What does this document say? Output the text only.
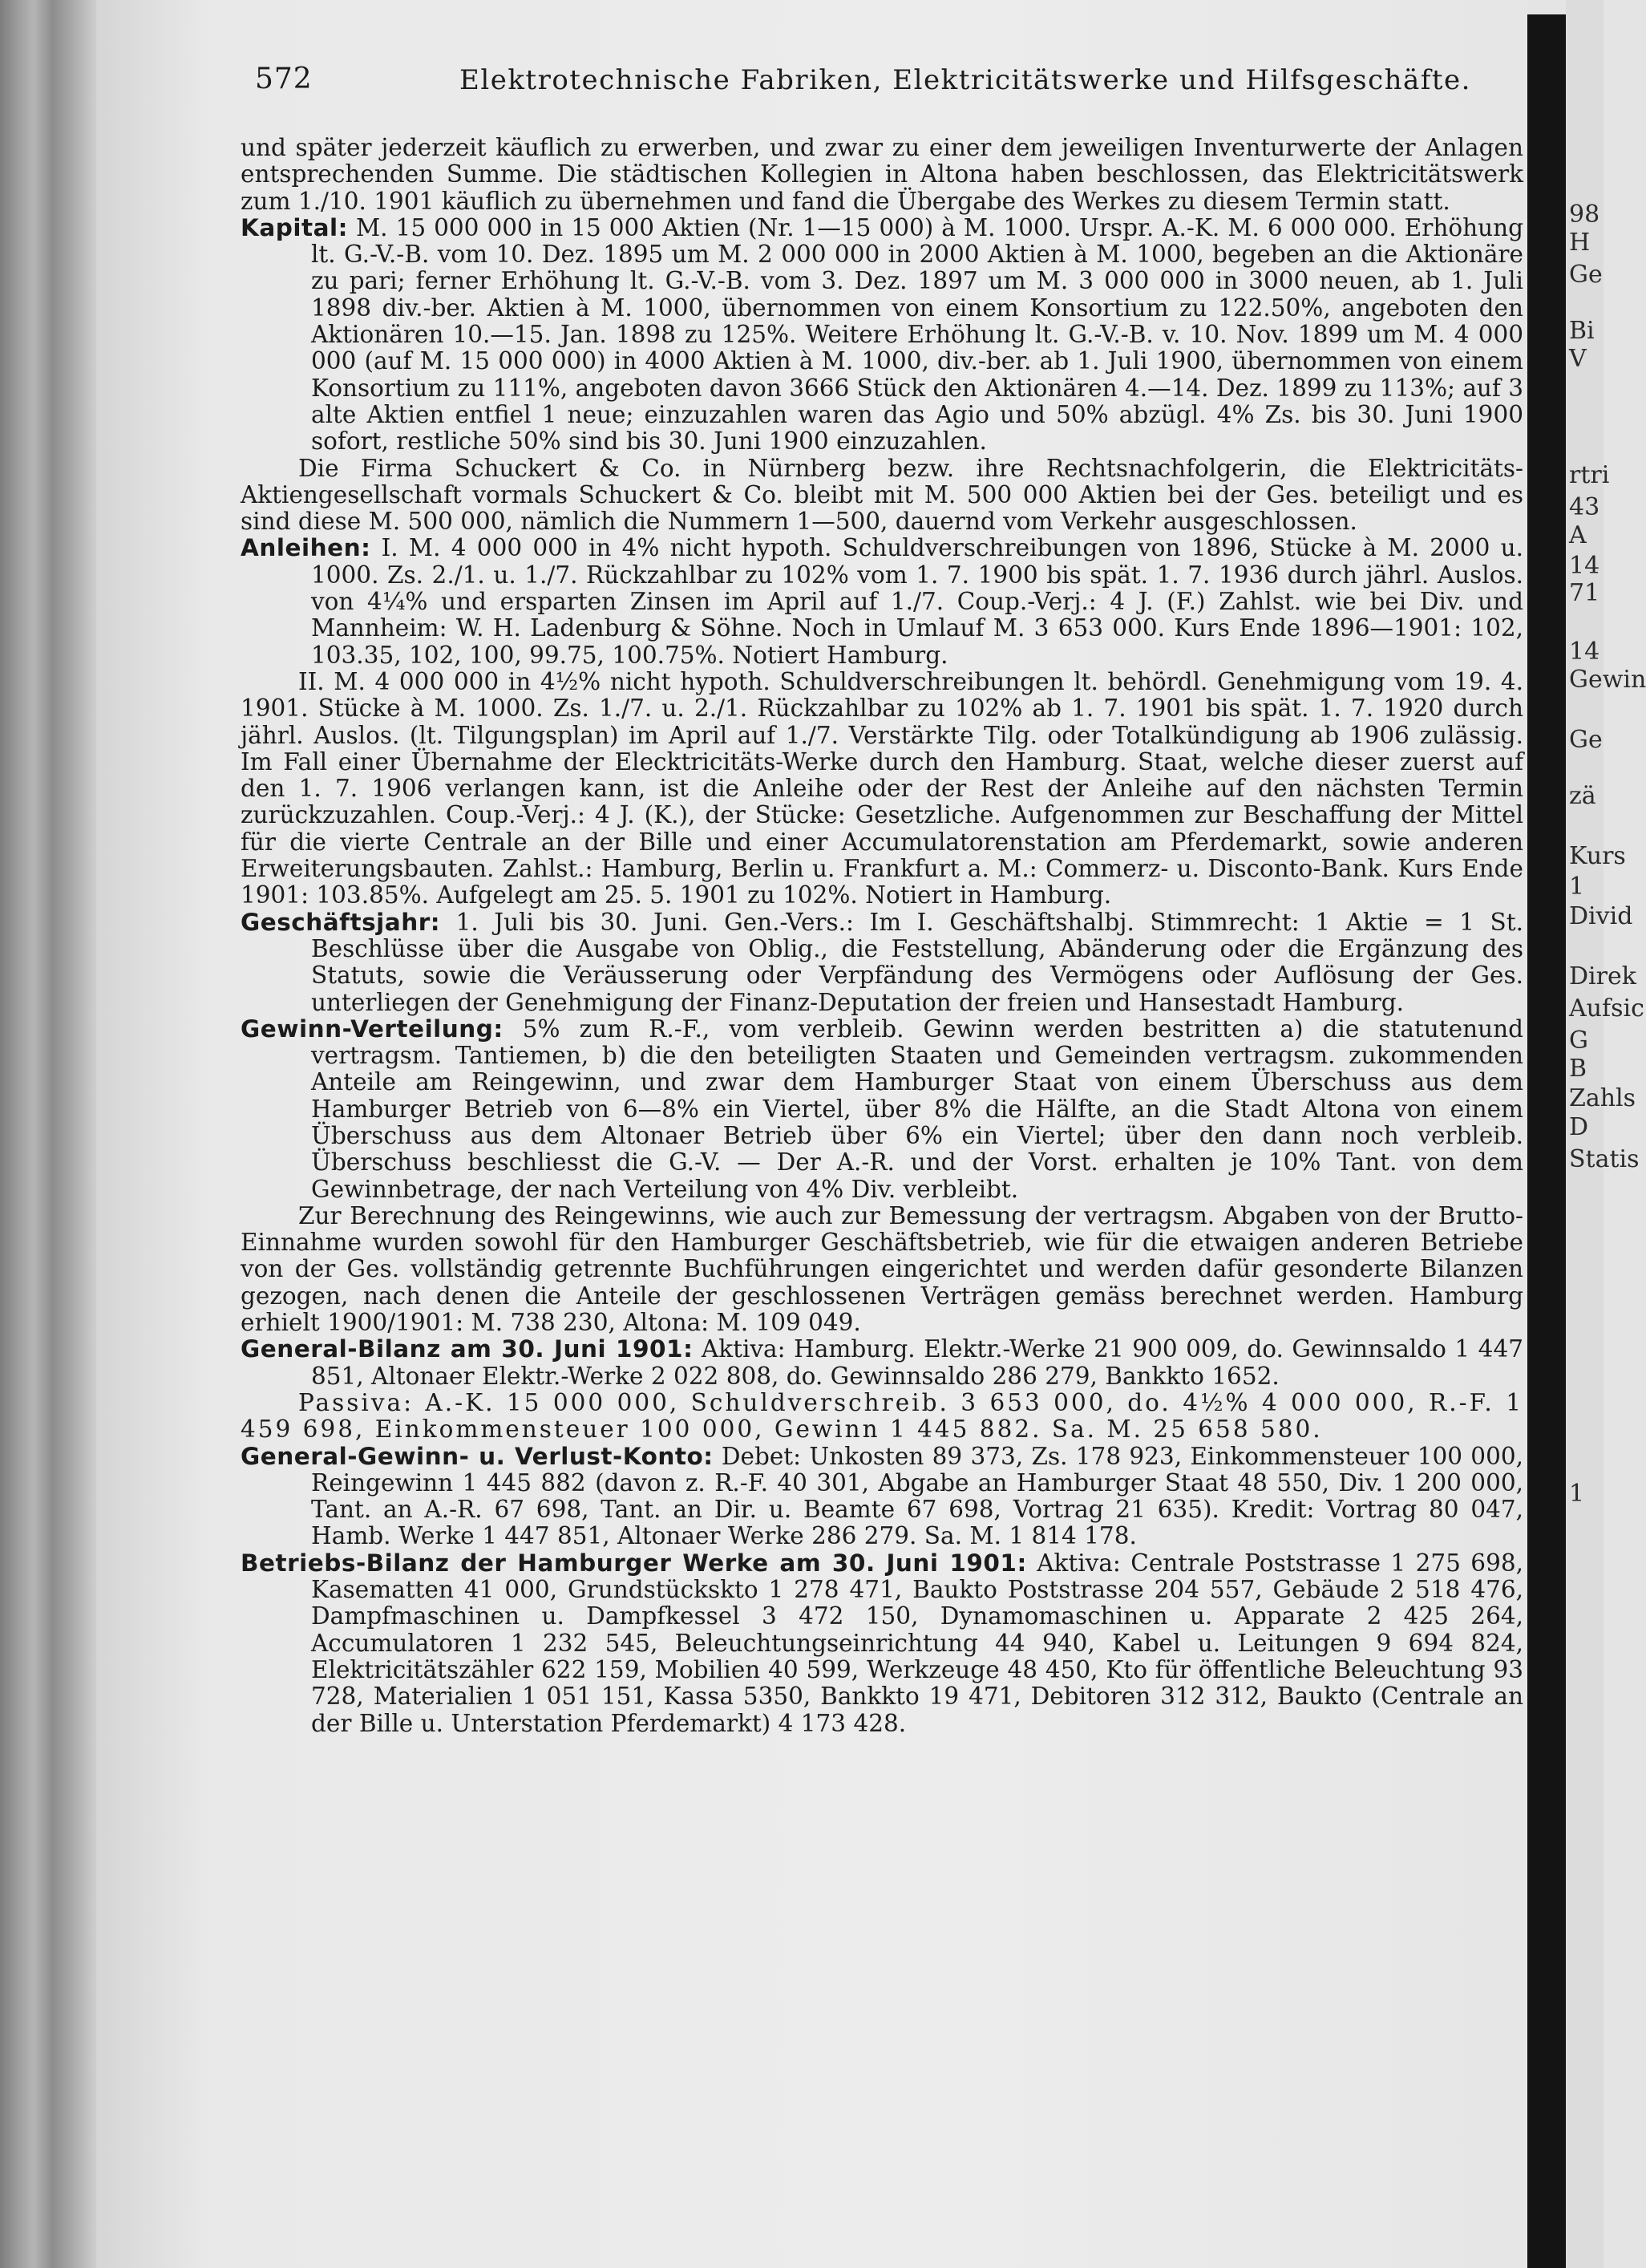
572	Elektrotechnische Fabriken, Elektricitätswerke und Hilfsgeschäfte.

und später jederzeit käuflich zu erwerben, und zwar zu einer dem jeweiligen Inventurwerte der Anlagen entsprechenden Summe. Die städtischen Kollegien in Altona haben beschlossen, das Elektricitätswerk zum 1./10. 1901 käuflich zu übernehmen und fand die Übergabe des Werkes zu diesem Termin statt.

Kapital: M. 15 000 000 in 15 000 Aktien (Nr. 1—15 000) à M. 1000. Urspr. A.-K. M. 6 000 000. Erhöhung lt. G.-V.-B. vom 10. Dez. 1895 um M. 2 000 000 in 2000 Aktien à M. 1000, begeben an die Aktionäre zu pari; ferner Erhöhung lt. G.-V.-B. vom 3. Dez. 1897 um M. 3 000 000 in 3000 neuen, ab 1. Juli 1898 div.-ber. Aktien à M. 1000, übernommen von einem Konsortium zu 122.50%, angeboten den Aktionären 10.—15. Jan. 1898 zu 125%. Weitere Erhöhung lt. G.-V.-B. v. 10. Nov. 1899 um M. 4 000 000 (auf M. 15 000 000) in 4000 Aktien à M. 1000, div.-ber. ab 1. Juli 1900, übernommen von einem Konsortium zu 111%, angeboten davon 3666 Stück den Aktionären 4.—14. Dez. 1899 zu 113%; auf 3 alte Aktien entfiel 1 neue; einzuzahlen waren das Agio und 50% abzügl. 4% Zs. bis 30. Juni 1900 sofort, restliche 50% sind bis 30. Juni 1900 einzuzahlen.

Die Firma Schuckert & Co. in Nürnberg bezw. ihre Rechtsnachfolgerin, die Elektricitäts-Aktiengesellschaft vormals Schuckert & Co. bleibt mit M. 500 000 Aktien bei der Ges. beteiligt und es sind diese M. 500 000, nämlich die Nummern 1—500, dauernd vom Verkehr ausgeschlossen.

Anleihen: I. M. 4 000 000 in 4% nicht hypoth. Schuldverschreibungen von 1896, Stücke à M. 2000 u. 1000. Zs. 2./1. u. 1./7. Rückzahlbar zu 102% vom 1. 7. 1900 bis spät. 1. 7. 1936 durch jährl. Auslos. von 4¼% und ersparten Zinsen im April auf 1./7. Coup.-Verj.: 4 J. (F.) Zahlst. wie bei Div. und Mannheim: W. H. Ladenburg & Söhne. Noch in Umlauf M. 3 653 000. Kurs Ende 1896—1901: 102, 103.35, 102, 100, 99.75, 100.75%. Notiert Hamburg.

II. M. 4 000 000 in 4½% nicht hypoth. Schuldverschreibungen lt. behördl. Genehmigung vom 19. 4. 1901. Stücke à M. 1000. Zs. 1./7. u. 2./1. Rückzahlbar zu 102% ab 1. 7. 1901 bis spät. 1. 7. 1920 durch jährl. Auslos. (lt. Tilgungsplan) im April auf 1./7. Verstärkte Tilg. oder Totalkündigung ab 1906 zulässig. Im Fall einer Übernahme der Elecktricitäts-Werke durch den Hamburg. Staat, welche dieser zuerst auf den 1. 7. 1906 verlangen kann, ist die Anleihe oder der Rest der Anleihe auf den nächsten Termin zurückzuzahlen. Coup.-Verj.: 4 J. (K.), der Stücke: Gesetzliche. Aufgenommen zur Beschaffung der Mittel für die vierte Centrale an der Bille und einer Accumulatorenstation am Pferdemarkt, sowie anderen Erweiterungsbauten. Zahlst.: Hamburg, Berlin u. Frankfurt a. M.: Commerz- u. Disconto-Bank. Kurs Ende 1901: 103.85%. Aufgelegt am 25. 5. 1901 zu 102%. Notiert in Hamburg.

Geschäftsjahr: 1. Juli bis 30. Juni. Gen.-Vers.: Im I. Geschäftshalbj. Stimmrecht: 1 Aktie = 1 St. Beschlüsse über die Ausgabe von Oblig., die Feststellung, Abänderung oder die Ergänzung des Statuts, sowie die Veräusserung oder Verpfändung des Vermögens oder Auflösung der Ges. unterliegen der Genehmigung der Finanz-Deputation der freien und Hansestadt Hamburg.

Gewinn-Verteilung: 5% zum R.-F., vom verbleib. Gewinn werden bestritten a) die statutenund vertragsm. Tantiemen, b) die den beteiligten Staaten und Gemeinden vertragsm. zukommenden Anteile am Reingewinn, und zwar dem Hamburger Staat von einem Überschuss aus dem Hamburger Betrieb von 6—8% ein Viertel, über 8% die Hälfte, an die Stadt Altona von einem Überschuss aus dem Altonaer Betrieb über 6% ein Viertel; über den dann noch verbleib. Überschuss beschliesst die G.-V. — Der A.-R. und der Vorst. erhalten je 10% Tant. von dem Gewinnbetrage, der nach Verteilung von 4% Div. verbleibt.

Zur Berechnung des Reingewinns, wie auch zur Bemessung der vertragsm. Abgaben von der Brutto-Einnahme wurden sowohl für den Hamburger Geschäftsbetrieb, wie für die etwaigen anderen Betriebe von der Ges. vollständig getrennte Buchführungen eingerichtet und werden dafür gesonderte Bilanzen gezogen, nach denen die Anteile der geschlossenen Verträgen gemäss berechnet werden. Hamburg erhielt 1900/1901: M. 738 230, Altona: M. 109 049.

General-Bilanz am 30. Juni 1901: Aktiva: Hamburg. Elektr.-Werke 21 900 009, do. Gewinnsaldo 1 447 851, Altonaer Elektr.-Werke 2 022 808, do. Gewinnsaldo 286 279, Bankkto 1652.

Passiva: A.-K. 15 000 000, Schuldverschreib. 3 653 000, do. 4½% 4 000 000, R.-F. 1 459 698, Einkommensteuer 100 000, Gewinn 1 445 882. Sa. M. 25 658 580.

General-Gewinn- u. Verlust-Konto: Debet: Unkosten 89 373, Zs. 178 923, Einkommensteuer 100 000, Reingewinn 1 445 882 (davon z. R.-F. 40 301, Abgabe an Hamburger Staat 48 550, Div. 1 200 000, Tant. an A.-R. 67 698, Tant. an Dir. u. Beamte 67 698, Vortrag 21 635). Kredit: Vortrag 80 047, Hamb. Werke 1 447 851, Altonaer Werke 286 279. Sa. M. 1 814 178.

Betriebs-Bilanz der Hamburger Werke am 30. Juni 1901: Aktiva: Centrale Poststrasse 1 275 698, Kasematten 41 000, Grundstückskto 1 278 471, Baukto Poststrasse 204 557, Gebäude 2 518 476, Dampfmaschinen u. Dampfkessel 3 472 150, Dynamomaschinen u. Apparate 2 425 264, Accumulatoren 1 232 545, Beleuchtungseinrichtung 44 940, Kabel u. Leitungen 9 694 824, Elektricitätszähler 622 159, Mobilien 40 599, Werkzeuge 48 450, Kto für öffentliche Beleuchtung 93 728, Materialien 1 051 151, Kassa 5350, Bankkto 19 471, Debitoren 312 312, Baukto (Centrale an der Bille u. Unterstation Pferdemarkt) 4 173 428.

98
H
Ge
Bi
V
rtri
43
A
14
71
14
Gewin
Ge
zä
Kurs
1
Divid
Direk
Aufsic
G
B
Zahls
D
Statis
1
